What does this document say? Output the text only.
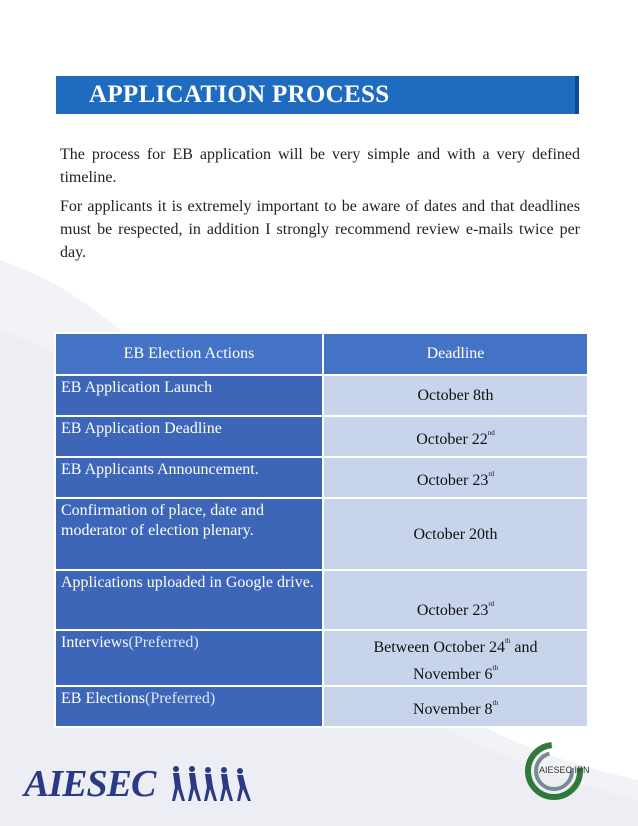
APPLICATION PROCESS

The process for EB application will be very simple and with a very defined timeline.

For applicants it is extremely important to be aware of dates and that deadlines must be respected, in addition I strongly recommend review e-mails twice per day.

EB Election Actions	Deadline
EB Application Launch	October 8th
EB Application Deadline	October 22nd
EB Applicants Announcement.	October 23rd
Confirmation of place, date and moderator of election plenary.	October 20th
Applications uploaded in Google drive.	October 23rd
Interviews(Preferred)	Between October 24th and
November 6th
EB Elections(Preferred)	November 8th
AIESEC	AIESEC IPN
